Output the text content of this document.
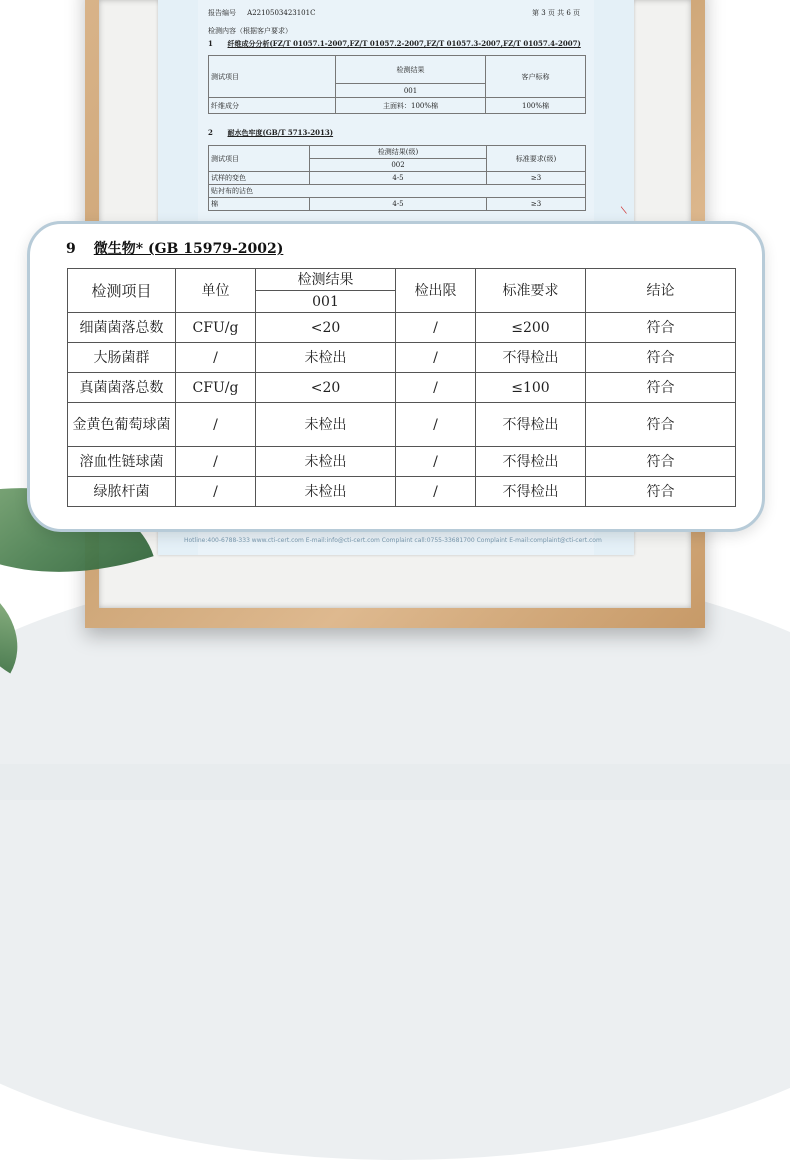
报告编号 A2210503423101C	第 3 页 共 6 页
检测内容（根据客户要求）
1 纤维成分分析(FZ/T 01057.1-2007,FZ/T 01057.2-2007,FZ/T 01057.3-2007,FZ/T 01057.4-2007)
测试项目	检测结果	客户标称
	001	
纤维成分	主面料：100%棉	100%棉
2 耐水色牢度(GB/T 5713-2013)
测试项目	检测结果(级)	标准要求(级)
	002	
试样的变色	4-5	≥3
贴衬布的沾色		
棉	4-5	≥3
Hotline:400-6788-333 www.cti-cert.com E-mail:info@cti-cert.com Complaint call:0755-33681700 Complaint E-mail:complaint@cti-cert.com
⁄
9 微生物* (GB 15979-2002)
检测项目	单位	检测结果	检出限	标准要求	结论
		001			
细菌菌落总数	CFU/g	<20	/	≤200	符合
大肠菌群	/	未检出	/	不得检出	符合
真菌菌落总数	CFU/g	<20	/	≤100	符合
金黄色葡萄球菌	/	未检出	/	不得检出	符合
溶血性链球菌	/	未检出	/	不得检出	符合
绿脓杆菌	/	未检出	/	不得检出	符合
